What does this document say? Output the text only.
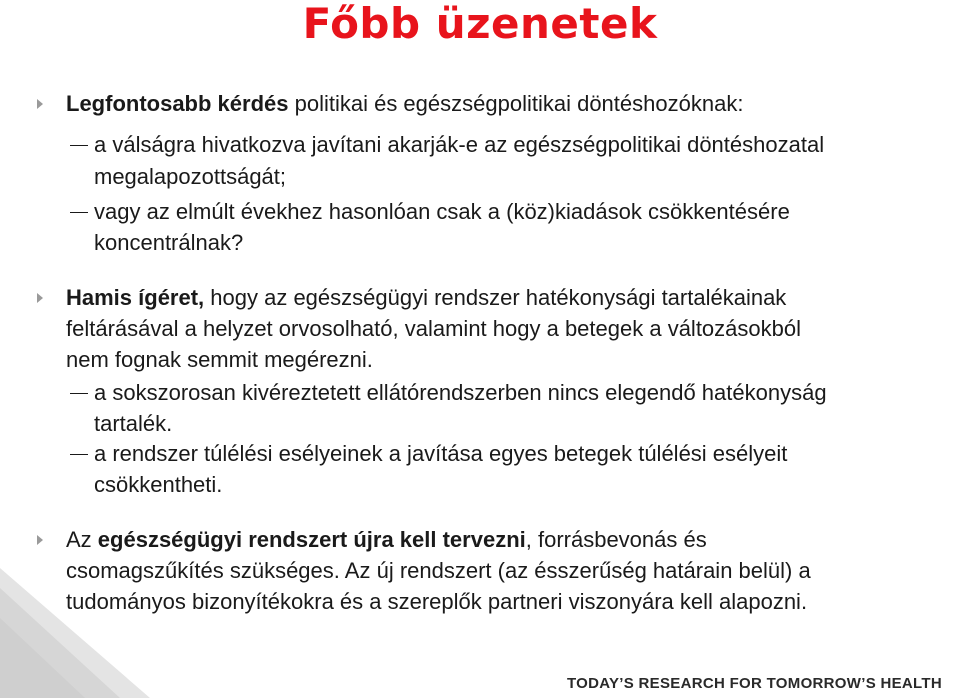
Főbb üzenetek
Legfontosabb kérdés politikai és egészségpolitikai döntéshozóknak:
a válságra hivatkozva javítani akarják-e az egészségpolitikai döntéshozatal
megalapozottságát;
vagy az elmúlt évekhez hasonlóan csak a (köz)kiadások csökkentésére
koncentrálnak?
Hamis ígéret, hogy az egészségügyi rendszer hatékonysági tartalékainak
feltárásával a helyzet orvosolható, valamint hogy a betegek a változásokból
nem fognak semmit megérezni.
a sokszorosan kivéreztetett ellátórendszerben nincs elegendő hatékonyság
tartalék.
a rendszer túlélési esélyeinek a javítása egyes betegek túlélési esélyeit
csökkentheti.
Az egészségügyi rendszert újra kell tervezni, forrásbevonás és
csomagszűkítés szükséges. Az új rendszert (az ésszerűség határain belül) a
tudományos bizonyítékokra és a szereplők partneri viszonyára kell alapozni.
TODAY’S RESEARCH FOR TOMORROW’S HEALTH
